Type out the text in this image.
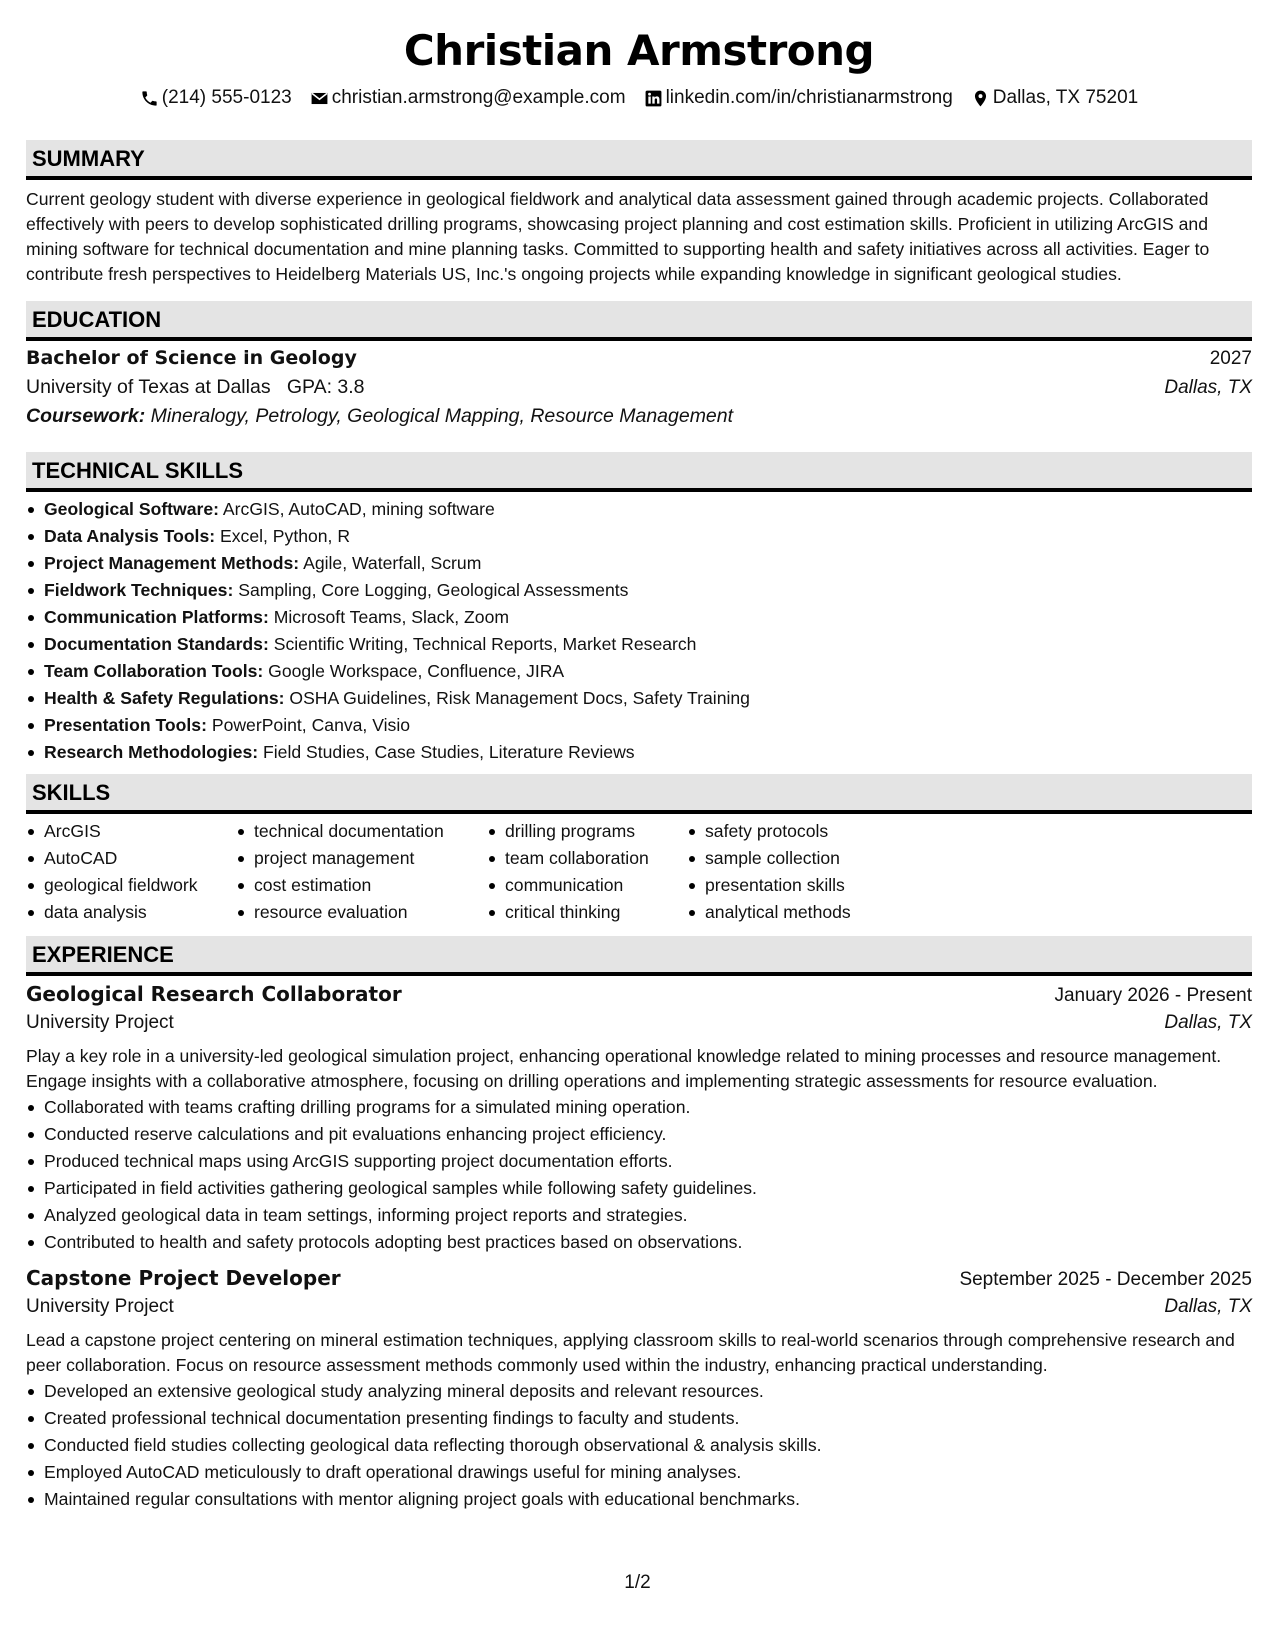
Christian Armstrong
(214) 555-0123 christian.armstrong@example.com linkedin.com/in/christianarmstrong Dallas, TX 75201
SUMMARY
Current geology student with diverse experience in geological fieldwork and analytical data assessment gained through academic projects. Collaborated effectively with peers to develop sophisticated drilling programs, showcasing project planning and cost estimation skills. Proficient in utilizing ArcGIS and mining software for technical documentation and mine planning tasks. Committed to supporting health and safety initiatives across all activities. Eager to contribute fresh perspectives to Heidelberg Materials US, Inc.'s ongoing projects while expanding knowledge in significant geological studies.
EDUCATION
Bachelor of Science in Geology	2027
University of Texas at Dallas GPA: 3.8	Dallas, TX
Coursework: Mineralogy, Petrology, Geological Mapping, Resource Management
TECHNICAL SKILLS
Geological Software: ArcGIS, AutoCAD, mining software
Data Analysis Tools: Excel, Python, R
Project Management Methods: Agile, Waterfall, Scrum
Fieldwork Techniques: Sampling, Core Logging, Geological Assessments
Communication Platforms: Microsoft Teams, Slack, Zoom
Documentation Standards: Scientific Writing, Technical Reports, Market Research
Team Collaboration Tools: Google Workspace, Confluence, JIRA
Health & Safety Regulations: OSHA Guidelines, Risk Management Docs, Safety Training
Presentation Tools: PowerPoint, Canva, Visio
Research Methodologies: Field Studies, Case Studies, Literature Reviews
SKILLS
ArcGIS
AutoCAD
geological fieldwork
data analysis
technical documentation
project management
cost estimation
resource evaluation
drilling programs
team collaboration
communication
critical thinking
safety protocols
sample collection
presentation skills
analytical methods
EXPERIENCE
Geological Research Collaborator	January 2026 - Present
University Project	Dallas, TX
Play a key role in a university-led geological simulation project, enhancing operational knowledge related to mining processes and resource management. Engage insights with a collaborative atmosphere, focusing on drilling operations and implementing strategic assessments for resource evaluation.
Collaborated with teams crafting drilling programs for a simulated mining operation.
Conducted reserve calculations and pit evaluations enhancing project efficiency.
Produced technical maps using ArcGIS supporting project documentation efforts.
Participated in field activities gathering geological samples while following safety guidelines.
Analyzed geological data in team settings, informing project reports and strategies.
Contributed to health and safety protocols adopting best practices based on observations.
Capstone Project Developer	September 2025 - December 2025
University Project	Dallas, TX
Lead a capstone project centering on mineral estimation techniques, applying classroom skills to real-world scenarios through comprehensive research and peer collaboration. Focus on resource assessment methods commonly used within the industry, enhancing practical understanding.
Developed an extensive geological study analyzing mineral deposits and relevant resources.
Created professional technical documentation presenting findings to faculty and students.
Conducted field studies collecting geological data reflecting thorough observational & analysis skills.
Employed AutoCAD meticulously to draft operational drawings useful for mining analyses.
Maintained regular consultations with mentor aligning project goals with educational benchmarks.
1/2
